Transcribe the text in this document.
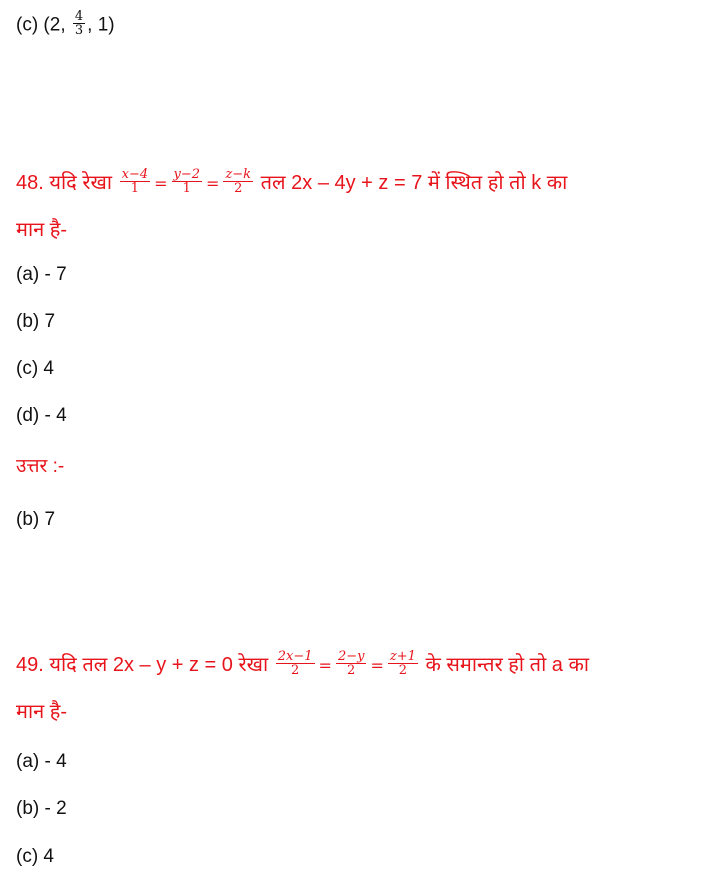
(c) (2, $\frac{4}{3}$ , 1)
48. यदि रेखा $\frac{x-4}{1} = \frac{y-2}{1} = \frac{z-k}{2}$ तल 2x – 4y + z = 7 में स्थित हो तो k का
मान है-
(a) - 7
(b) 7
(c) 4
(d) - 4
उत्तर :-
(b) 7
49. यदि तल 2x – y + z = 0 रेखा $\frac{2x-1}{2} = \frac{2-y}{2} = \frac{z+1}{2}$ के समान्तर हो तो a का
मान है-
(a) - 4
(b) - 2
(c) 4
